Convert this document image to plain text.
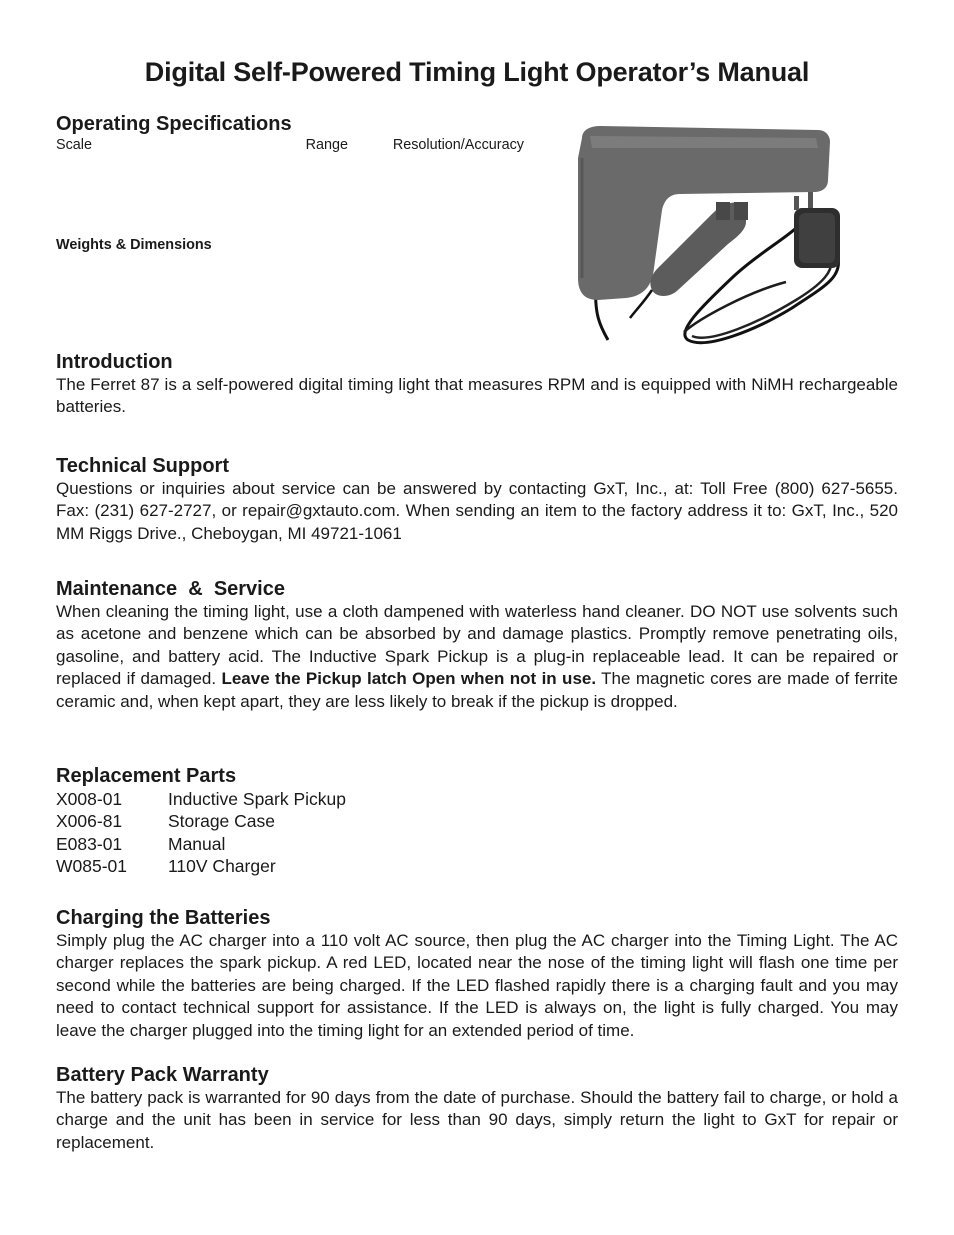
Digital Self-Powered Timing Light Operator’s Manual
Operating Specifications
Scale	Range	Resolution/Accuracy
Weights & Dimensions
Introduction

The Ferret 87 is a self-powered digital timing light that measures RPM and is equipped with NiMH rechargeable batteries.

Technical Support

Questions or inquiries about service can be answered by contacting GxT, Inc., at: Toll Free (800) 627-5655. Fax: (231) 627-2727, or repair@gxtauto.com. When sending an item to the factory address it to: GxT, Inc., 520 MM Riggs Drive., Cheboygan, MI 49721-1061

Maintenance  &  Service

When cleaning the timing light, use a cloth dampened with waterless hand cleaner. DO NOT use solvents such as acetone and benzene which can be absorbed by and damage plastics. Promptly remove penetrating oils, gasoline, and battery acid. The Inductive Spark Pickup is a plug-in replaceable lead. It can be repaired or replaced if damaged. Leave the Pickup latch Open when not in use. The magnetic cores are made of ferrite ceramic and, when kept apart, they are less likely to break if the pickup is dropped.

Replacement Parts
X008-01	Inductive Spark Pickup
X006-81	Storage Case
E083-01	Manual
W085-01 110V Charger
Charging the Batteries

Simply plug the AC charger into a 110 volt AC source, then plug the AC charger into the Timing Light. The AC charger replaces the spark pickup. A red LED, located near the nose of the timing light will flash one time per second while the batteries are being charged. If the LED flashed rapidly there is a charging fault and you may need to contact technical support for assistance. If the LED is always on, the light is fully charged. You may leave the charger plugged into the timing light for an extended period of time.

Battery Pack Warranty

The battery pack is warranted for 90 days from the date of purchase. Should the battery fail to charge, or hold a charge and the unit has been in service for less than 90 days, simply return the light to GxT for repair or replacement.
